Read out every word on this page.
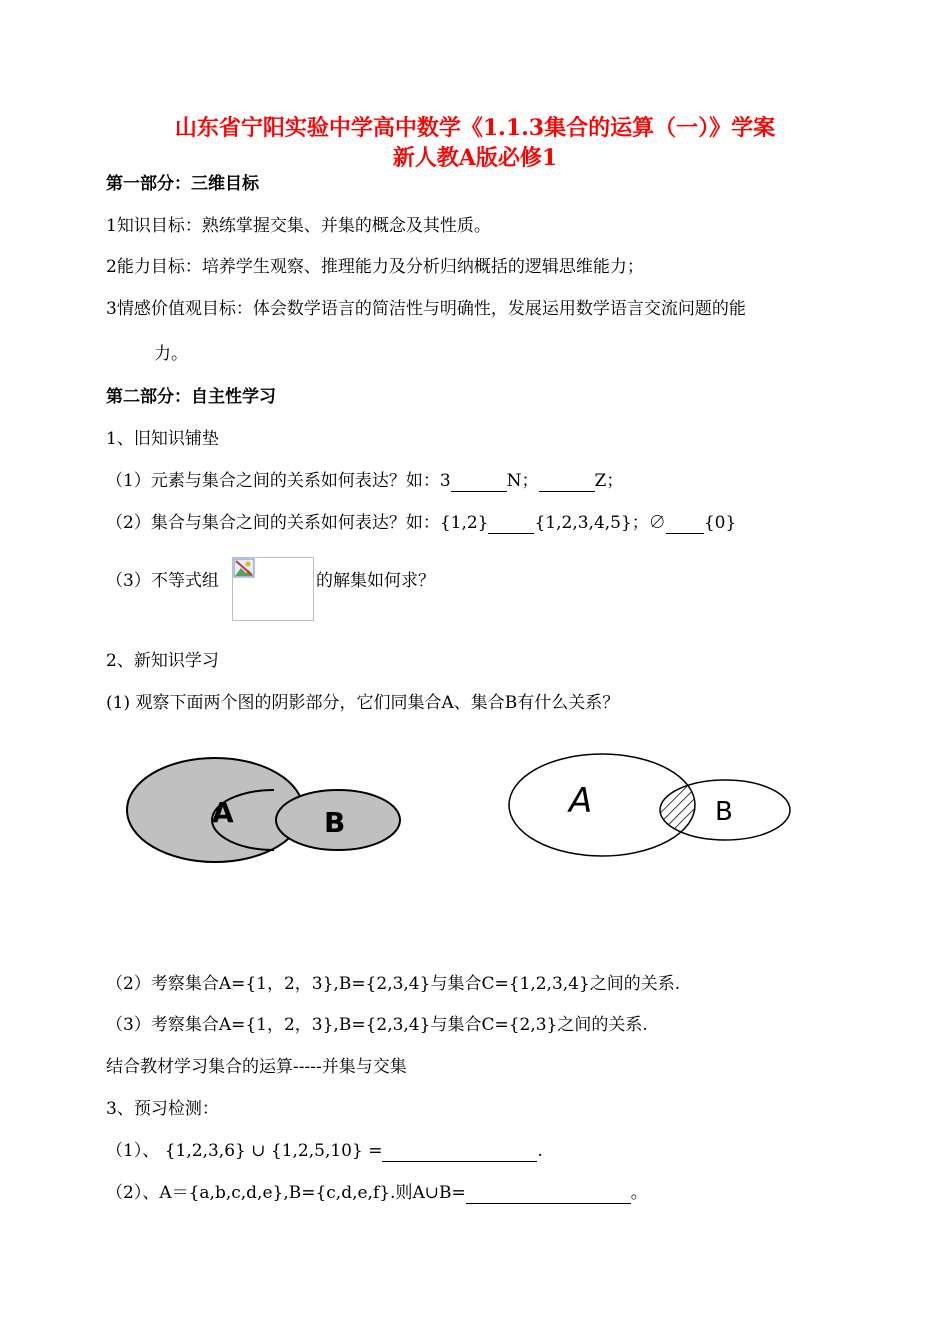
山东省宁阳实验中学高中数学《1.1.3集合的运算（一）》学案
新人教A版必修1
第一部分：三维目标
1知识目标：熟练掌握交集、并集的概念及其性质。
2能力目标：培养学生观察、推理能力及分析归纳概括的逻辑思维能力；
3情感价值观目标：体会数学语言的简洁性与明确性，发展运用数学语言交流问题的能
力。
第二部分：自主性学习
1、旧知识铺垫
（1）元素与集合之间的关系如何表达？如：3	N；	Z；
（2）集合与集合之间的关系如何表达？如：{1,2}	{1,2,3,4,5}；∅ {0}
（3）不等式组	的解集如何求？
2、新知识学习
(1) 观察下面两个图的阴影部分，它们同集合A、集合B有什么关系？
A	B
A	B
（2）考察集合A={1，2，3},B={2,3,4}与集合C={1,2,3,4}之间的关系.
（3）考察集合A={1，2，3},B={2,3,4}与集合C={2,3}之间的关系.
结合教材学习集合的运算-----并集与交集
3、预习检测：
（1）、 {1,2,3,6} ∪ {1,2,5,10} =	.
（2）、A＝{a,b,c,d,e},B={c,d,e,f}.则A∪B=	。
